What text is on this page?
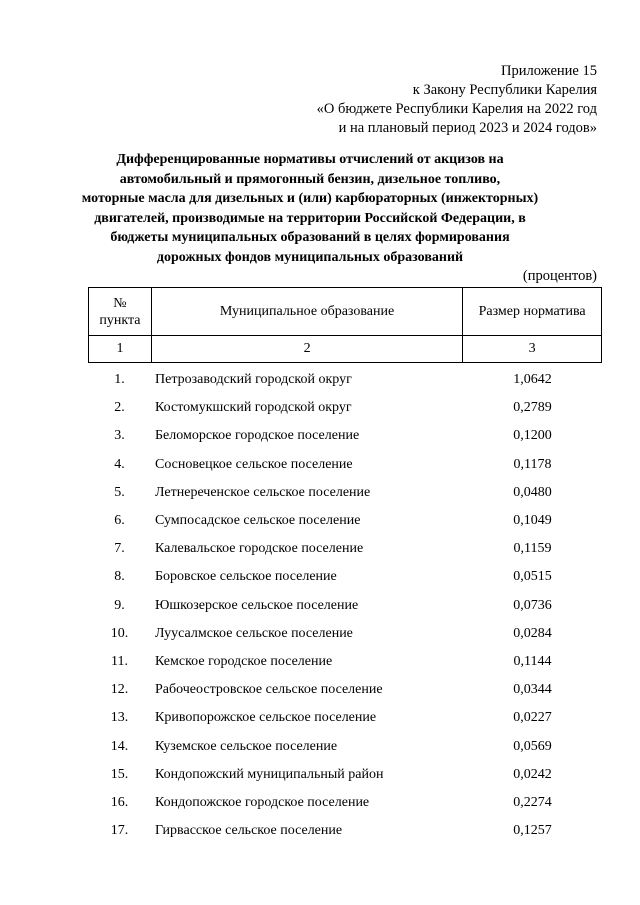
Приложение 15
к Закону Республики Карелия
«О бюджете Республики Карелия на 2022 год
и на плановый период 2023 и 2024 годов»
Дифференцированные нормативы отчислений от акцизов на
автомобильный и прямогонный бензин, дизельное топливо,
моторные масла для дизельных и (или) карбюраторных (инжекторных)
двигателей, производимые на территории Российской Федерации, в
бюджеты муниципальных образований в целях формирования
дорожных фондов муниципальных образований
(процентов)
№
пункта	Муниципальное образование	Размер норматива
1	2	3
1.	Петрозаводский городской округ	1,0642
2.	Костомукшский городской округ	0,2789
3.	Беломорское городское поселение	0,1200
4.	Сосновецкое сельское поселение	0,1178
5.	Летнереченское сельское поселение	0,0480
6.	Сумпосадское сельское поселение	0,1049
7.	Калевальское городское поселение	0,1159
8.	Боровское сельское поселение	0,0515
9.	Юшкозерское сельское поселение	0,0736
10.	Луусалмское сельское поселение	0,0284
11.	Кемское городское поселение	0,1144
12.	Рабочеостровское сельское поселение	0,0344
13.	Кривопорожское сельское поселение	0,0227
14.	Куземское сельское поселение	0,0569
15.	Кондопожский муниципальный район	0,0242
16.	Кондопожское городское поселение	0,2274
17.	Гирвасское сельское поселение	0,1257
